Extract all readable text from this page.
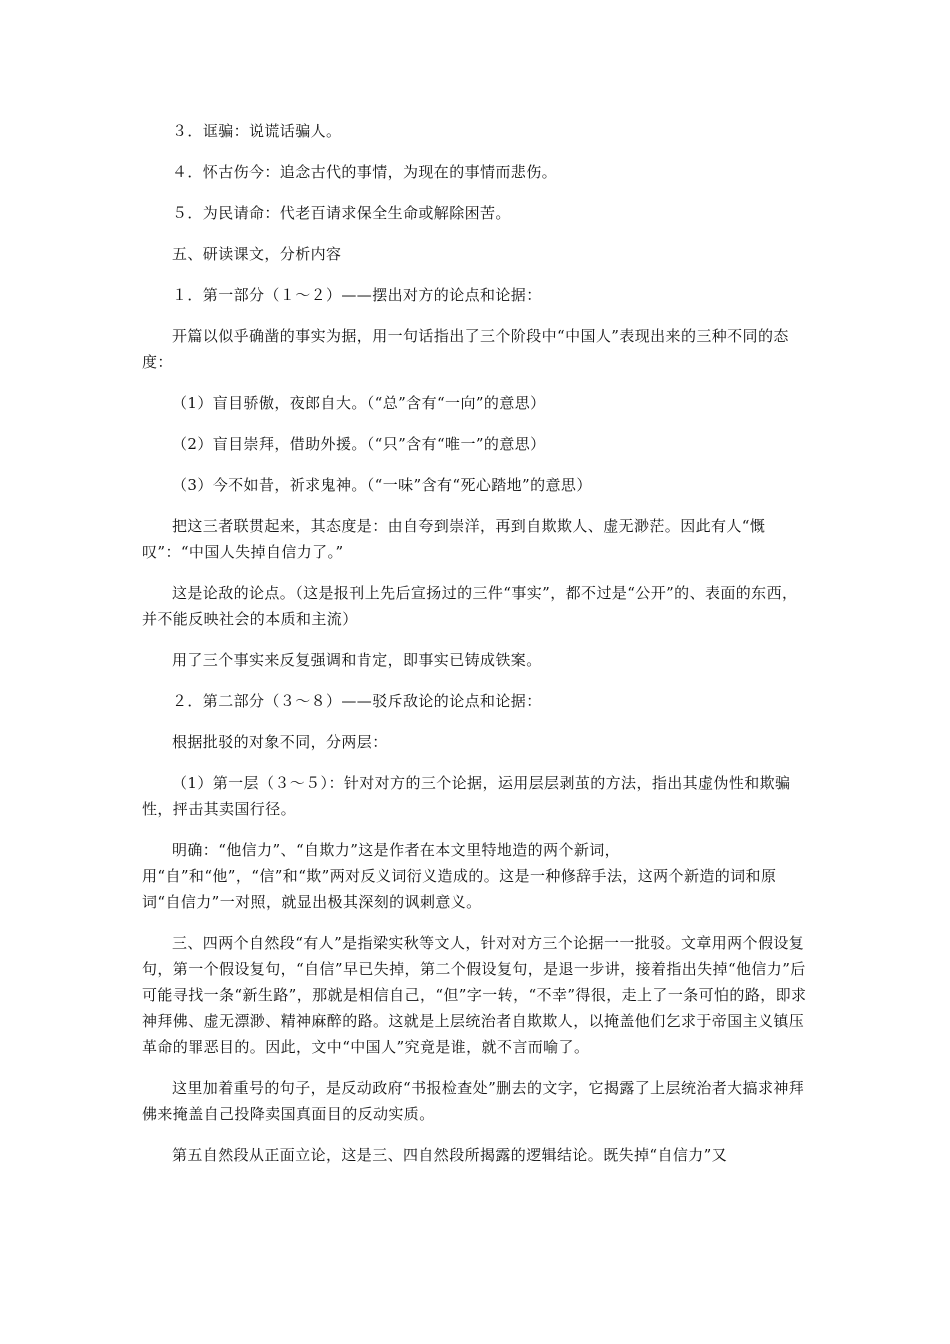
３．诓骗：说谎话骗人。

４．怀古伤今：追念古代的事情，为现在的事情而悲伤。

５．为民请命：代老百请求保全生命或解除困苦。

五、研读课文，分析内容

１．第一部分（１～２）——摆出对方的论点和论据：

开篇以似乎确凿的事实为据，用一句话指出了三个阶段中“中国人”表现出来的三种不同的态度：

（1）盲目骄傲，夜郎自大。（“总”含有“一向”的意思）

（2）盲目崇拜，借助外援。（“只”含有“唯一”的意思）

（3）今不如昔，祈求鬼神。（“一味”含有“死心踏地”的意思）

把这三者联贯起来，其态度是：由自夸到崇洋，再到自欺欺人、虚无渺茫。因此有人“慨叹”：“中国人失掉自信力了。”

这是论敌的论点。（这是报刊上先后宣扬过的三件“事实”，都不过是“公开”的、表面的东西，并不能反映社会的本质和主流）

用了三个事实来反复强调和肯定，即事实已铸成铁案。

２．第二部分（３～８）——驳斥敌论的论点和论据：

根据批驳的对象不同，分两层：

（1）第一层（３～５）：针对对方的三个论据，运用层层剥茧的方法，指出其虚伪性和欺骗性，抨击其卖国行径。

明确：“他信力”、“自欺力”这是作者在本文里特地造的两个新词，用“自”和“他”，“信”和“欺”两对反义词衍义造成的。这是一种修辞手法，这两个新造的词和原词“自信力”一对照，就显出极其深刻的讽刺意义。

三、四两个自然段“有人”是指梁实秋等文人，针对对方三个论据一一批驳。文章用两个假设复句，第一个假设复句，“自信”早已失掉，第二个假设复句，是退一步讲，接着指出失掉“他信力”后可能寻找一条“新生路”，那就是相信自己，“但”字一转，“不幸”得很，走上了一条可怕的路，即求神拜佛、虚无漂渺、精神麻醉的路。这就是上层统治者自欺欺人，以掩盖他们乞求于帝国主义镇压革命的罪恶目的。因此，文中“中国人”究竟是谁，就不言而喻了。

这里加着重号的句子，是反动政府“书报检查处”删去的文字，它揭露了上层统治者大搞求神拜佛来掩盖自己投降卖国真面目的反动实质。

第五自然段从正面立论，这是三、四自然段所揭露的逻辑结论。既失掉“自信力”又
